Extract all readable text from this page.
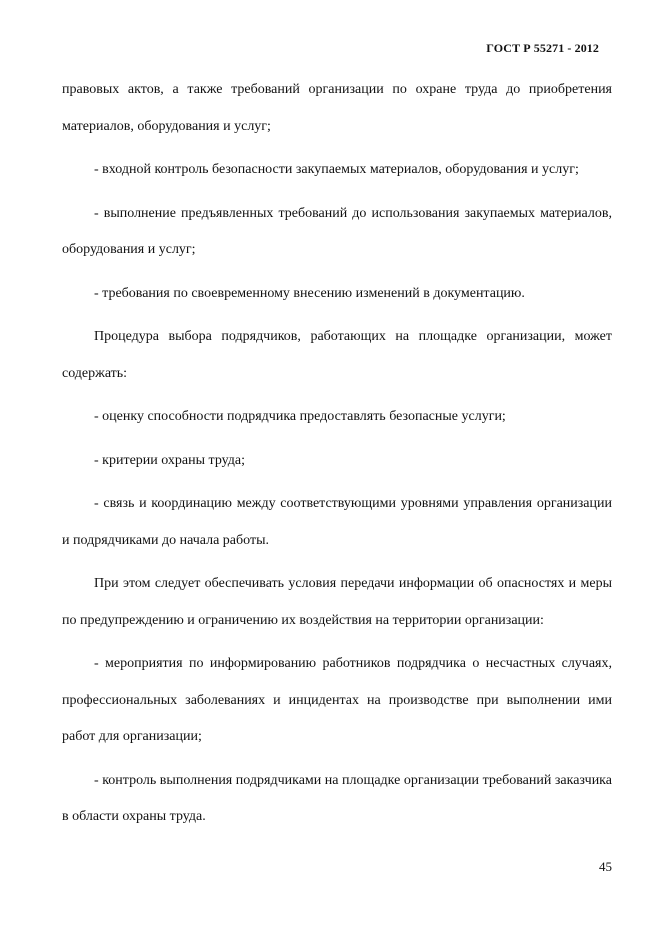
ГОСТ Р 55271 - 2012

правовых актов, а также требований организации по охране труда до приобретения материалов, оборудования и услуг;

- входной контроль безопасности закупаемых материалов, оборудования и услуг;

- выполнение предъявленных требований до использования закупаемых материалов, оборудования и услуг;

- требования по своевременному внесению изменений в документацию.

Процедура выбора подрядчиков, работающих на площадке организации, может содержать:

- оценку способности подрядчика предоставлять безопасные услуги;

- критерии охраны труда;

- связь и координацию между соответствующими уровнями управления организации и подрядчиками до начала работы.

При этом следует обеспечивать условия передачи информации об опасностях и меры по предупреждению и ограничению их воздействия на территории организации:

- мероприятия по информированию работников подрядчика о несчастных случаях, профессиональных заболеваниях и инцидентах на производстве при выполнении ими работ для организации;

- контроль выполнения подрядчиками на площадке организации требований заказчика в области охраны труда.

45
